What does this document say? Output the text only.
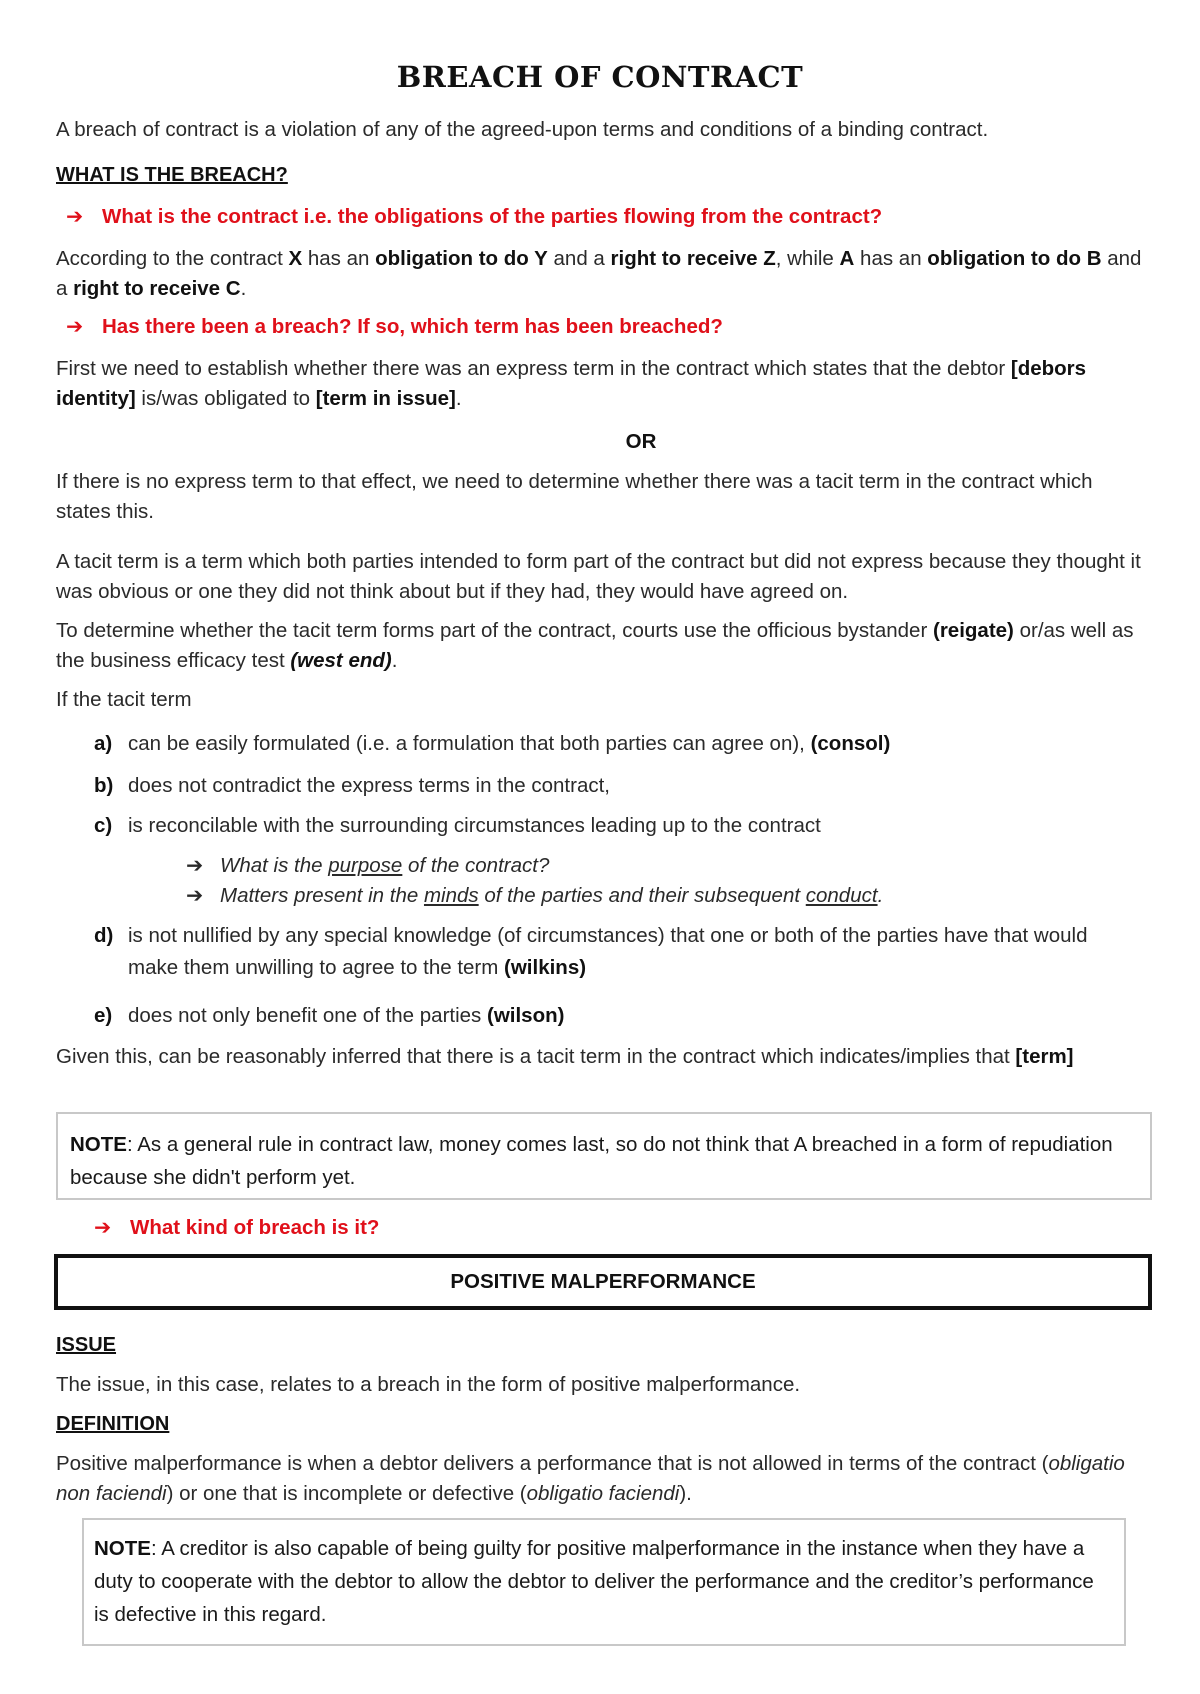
BREACH OF CONTRACT

A breach of contract is a violation of any of the agreed-upon terms and conditions of a binding contract.

WHAT IS THE BREACH?
➔ What is the contract i.e. the obligations of the parties flowing from the contract?

According to the contract X has an obligation to do Y and a right to receive Z, while A has an obligation to do B and a right to receive C.

➔ Has there been a breach? If so, which term has been breached?

First we need to establish whether there was an express term in the contract which states that the debtor [debors identity] is/was obligated to [term in issue].

OR

If there is no express term to that effect, we need to determine whether there was a tacit term in the contract which states this.

A tacit term is a term which both parties intended to form part of the contract but did not express because they thought it was obvious or one they did not think about but if they had, they would have agreed on.

To determine whether the tacit term forms part of the contract, courts use the officious bystander (reigate) or/as well as the business efficacy test (west end).

If the tacit term

a) can be easily formulated (i.e. a formulation that both parties can agree on), (consol)
b) does not contradict the express terms in the contract,
c) is reconcilable with the surrounding circumstances leading up to the contract
➔ What is the purpose of the contract?
➔ Matters present in the minds of the parties and their subsequent conduct.
d) is not nullified by any special knowledge (of circumstances) that one or both of the parties have that would make them unwilling to agree to the term (wilkins)
e) does not only benefit one of the parties (wilson)

Given this, can be reasonably inferred that there is a tacit term in the contract which indicates/implies that [term]

NOTE: As a general rule in contract law, money comes last, so do not think that A breached in a form of repudiation because she didn't perform yet.
➔ What kind of breach is it?
POSITIVE MALPERFORMANCE
ISSUE

The issue, in this case, relates to a breach in the form of positive malperformance.

DEFINITION

Positive malperformance is when a debtor delivers a performance that is not allowed in terms of the contract (obligatio non faciendi) or one that is incomplete or defective (obligatio faciendi).

NOTE: A creditor is also capable of being guilty for positive malperformance in the instance when they have a duty to cooperate with the debtor to allow the debtor to deliver the performance and the creditor’s performance is defective in this regard.
